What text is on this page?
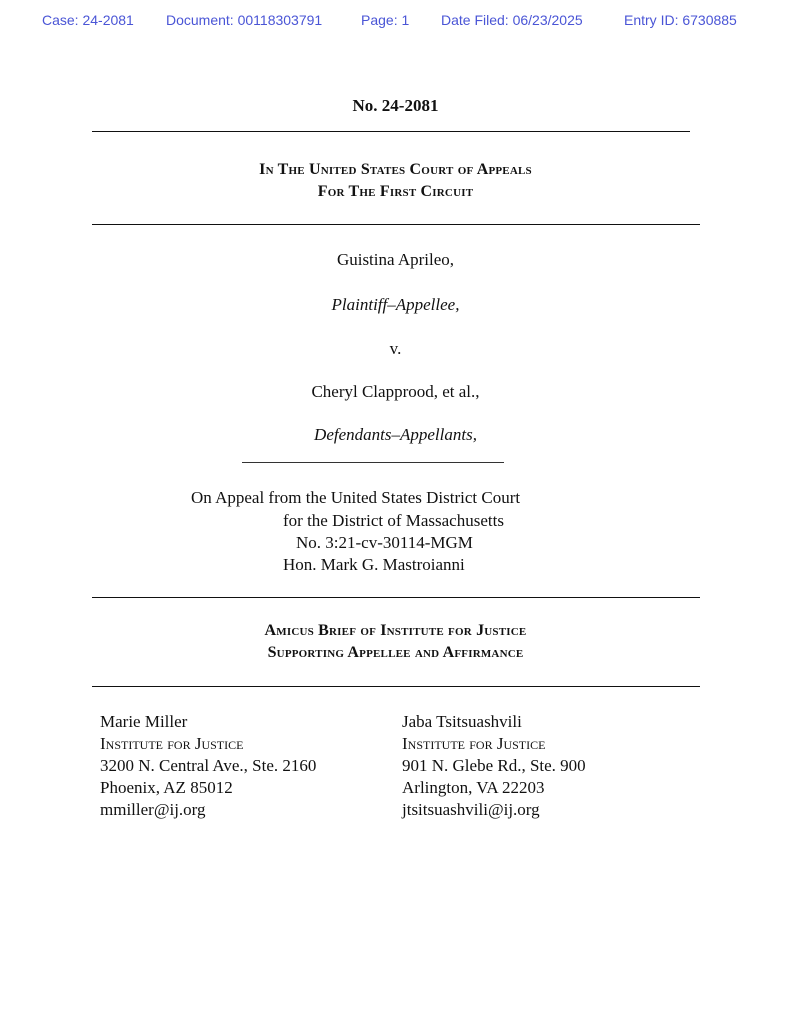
Case: 24-2081 Document: 00118303791	Page: 1 Date Filed: 06/23/2025	Entry ID: 6730885
No. 24-2081
In The United States Court of Appeals
For The First Circuit
Guistina Aprileo,
Plaintiff–Appellee,
v.
Cheryl Clapprood, et al.,
Defendants–Appellants,
On Appeal from the United States District Court
for the District of Massachusetts
No. 3:21-cv-30114-MGM
Hon. Mark G. Mastroianni
Amicus Brief of Institute for Justice
Supporting Appellee and Affirmance
Marie Miller
Institute for Justice
3200 N. Central Ave., Ste. 2160
Phoenix, AZ 85012
mmiller@ij.org
Jaba Tsitsuashvili
Institute for Justice
901 N. Glebe Rd., Ste. 900
Arlington, VA 22203
jtsitsuashvili@ij.org
